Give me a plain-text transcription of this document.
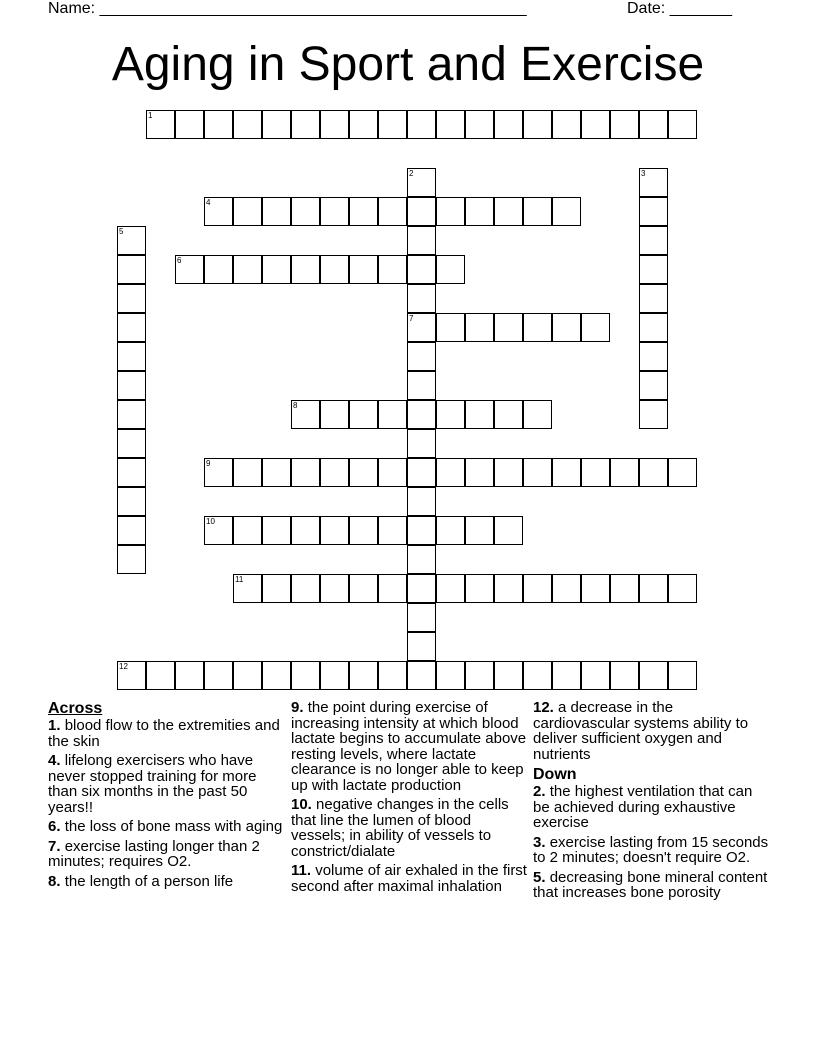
Name: ________________________________________________	Date: _______
Aging in Sport and Exercise
1
2
7
3
4
5
6
8
9
10
11
12
Across
1. blood flow to the extremities and the skin
4. lifelong exercisers who have never stopped training for more than six months in the past 50 years!!
6. the loss of bone mass with aging
7. exercise lasting longer than 2 minutes; requires O2.
8. the length of a person life
9. the point during exercise of increasing intensity at which blood lactate begins to accumulate above resting levels, where lactate clearance is no longer able to keep up with lactate production
10. negative changes in the cells that line the lumen of blood vessels; in ability of vessels to constrict/dialate
11. volume of air exhaled in the first second after maximal inhalation
12. a decrease in the cardiovascular systems ability to deliver sufficient oxygen and nutrients
Down
2. the highest ventilation that can be achieved during exhaustive exercise
3. exercise lasting from 15 seconds to 2 minutes; doesn't require O2.
5. decreasing bone mineral content that increases bone porosity
